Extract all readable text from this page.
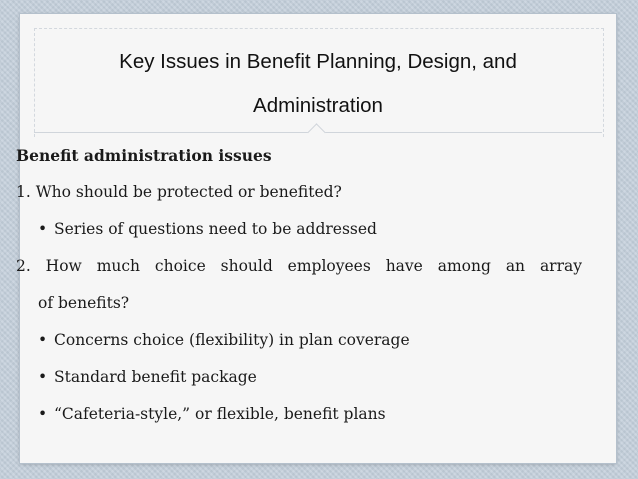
Key Issues in Benefit Planning, Design, and
Administration
Benefit administration issues
1. Who should be protected or benefited?
• Series of questions need to be addressed
2. How much choice should employees have among an array
of benefits?
• Concerns choice (flexibility) in plan coverage
• Standard benefit package
• “Cafeteria-style,” or flexible, benefit plans
